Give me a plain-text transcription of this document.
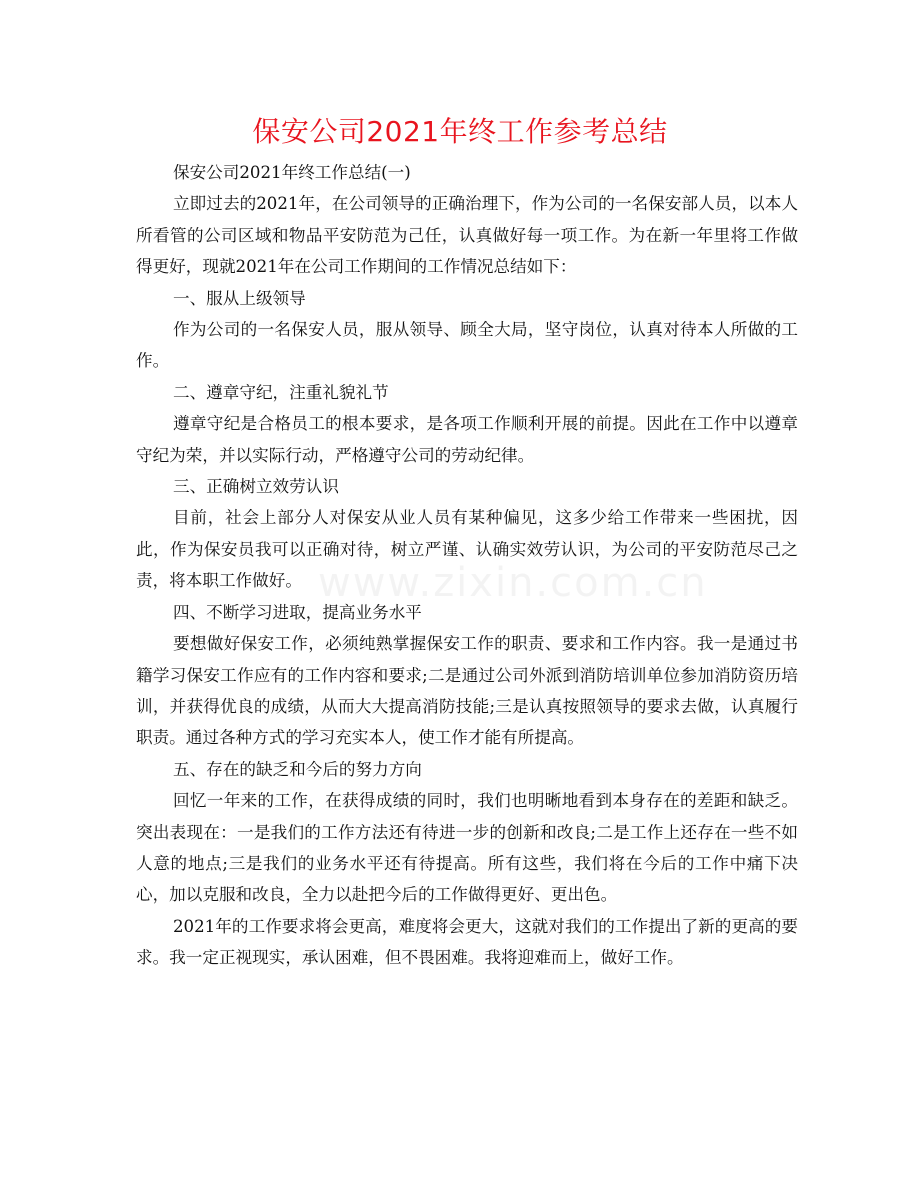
保安公司2021年终工作参考总结
www.zixin.com.cn

保安公司2021年终工作总结(一)

立即过去的2021年，在公司领导的正确治理下，作为公司的一名保安部人员，以本人所看管的公司区域和物品平安防范为己任，认真做好每一项工作。为在新一年里将工作做得更好，现就2021年在公司工作期间的工作情况总结如下：

一、服从上级领导

作为公司的一名保安人员，服从领导、顾全大局，坚守岗位，认真对待本人所做的工作。

二、遵章守纪，注重礼貌礼节

遵章守纪是合格员工的根本要求，是各项工作顺利开展的前提。因此在工作中以遵章守纪为荣，并以实际行动，严格遵守公司的劳动纪律。

三、正确树立效劳认识

目前，社会上部分人对保安从业人员有某种偏见，这多少给工作带来一些困扰，因此，作为保安员我可以正确对待，树立严谨、认确实效劳认识，为公司的平安防范尽己之责，将本职工作做好。

四、不断学习进取，提高业务水平

要想做好保安工作，必须纯熟掌握保安工作的职责、要求和工作内容。我一是通过书籍学习保安工作应有的工作内容和要求;二是通过公司外派到消防培训单位参加消防资历培训，并获得优良的成绩，从而大大提高消防技能;三是认真按照领导的要求去做，认真履行职责。通过各种方式的学习充实本人，使工作才能有所提高。

五、存在的缺乏和今后的努力方向

回忆一年来的工作，在获得成绩的同时，我们也明晰地看到本身存在的差距和缺乏。突出表现在：一是我们的工作方法还有待进一步的创新和改良;二是工作上还存在一些不如人意的地点;三是我们的业务水平还有待提高。所有这些，我们将在今后的工作中痛下决心，加以克服和改良，全力以赴把今后的工作做得更好、更出色。

2021年的工作要求将会更高，难度将会更大，这就对我们的工作提出了新的更高的要求。我一定正视现实，承认困难，但不畏困难。我将迎难而上，做好工作。
